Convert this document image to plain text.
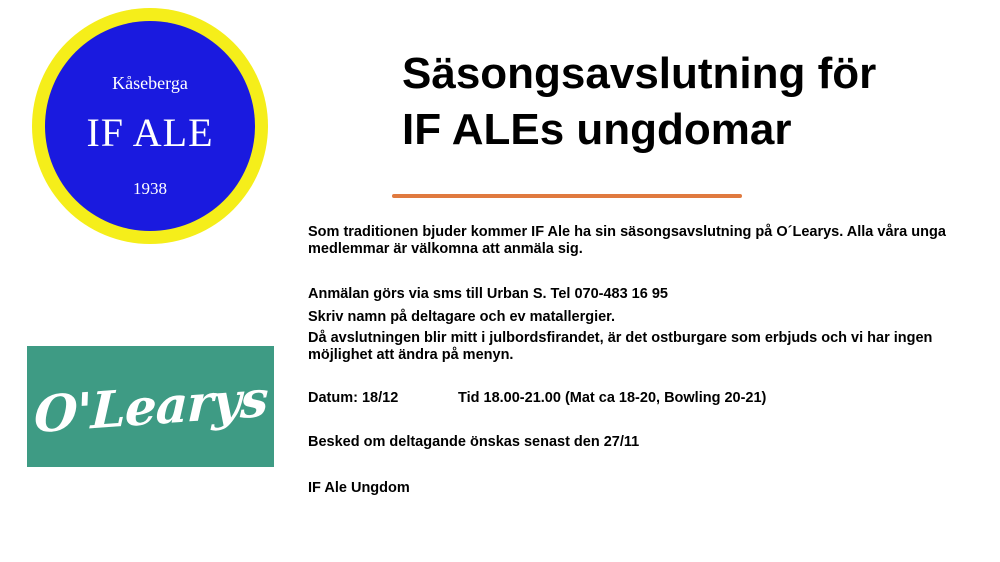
Kåseberga
IF ALE
1938
O'Learys
Säsongsavslutning för
IF ALEs ungdomar

Som traditionen bjuder kommer IF Ale ha sin säsongsavslutning på O´Learys. Alla våra unga medlemmar är välkomna att anmäla sig.

Anmälan görs via sms till Urban S. Tel 070-483 16 95

Skriv namn på deltagare och ev matallergier.

Då avslutningen blir mitt i julbordsfirandet, är det ostburgare som erbjuds och vi har ingen möjlighet att ändra på menyn.

Datum: 18/12	Tid 18.00-21.00 (Mat ca 18-20, Bowling 20-21)

Besked om deltagande önskas senast den 27/11

IF Ale Ungdom
